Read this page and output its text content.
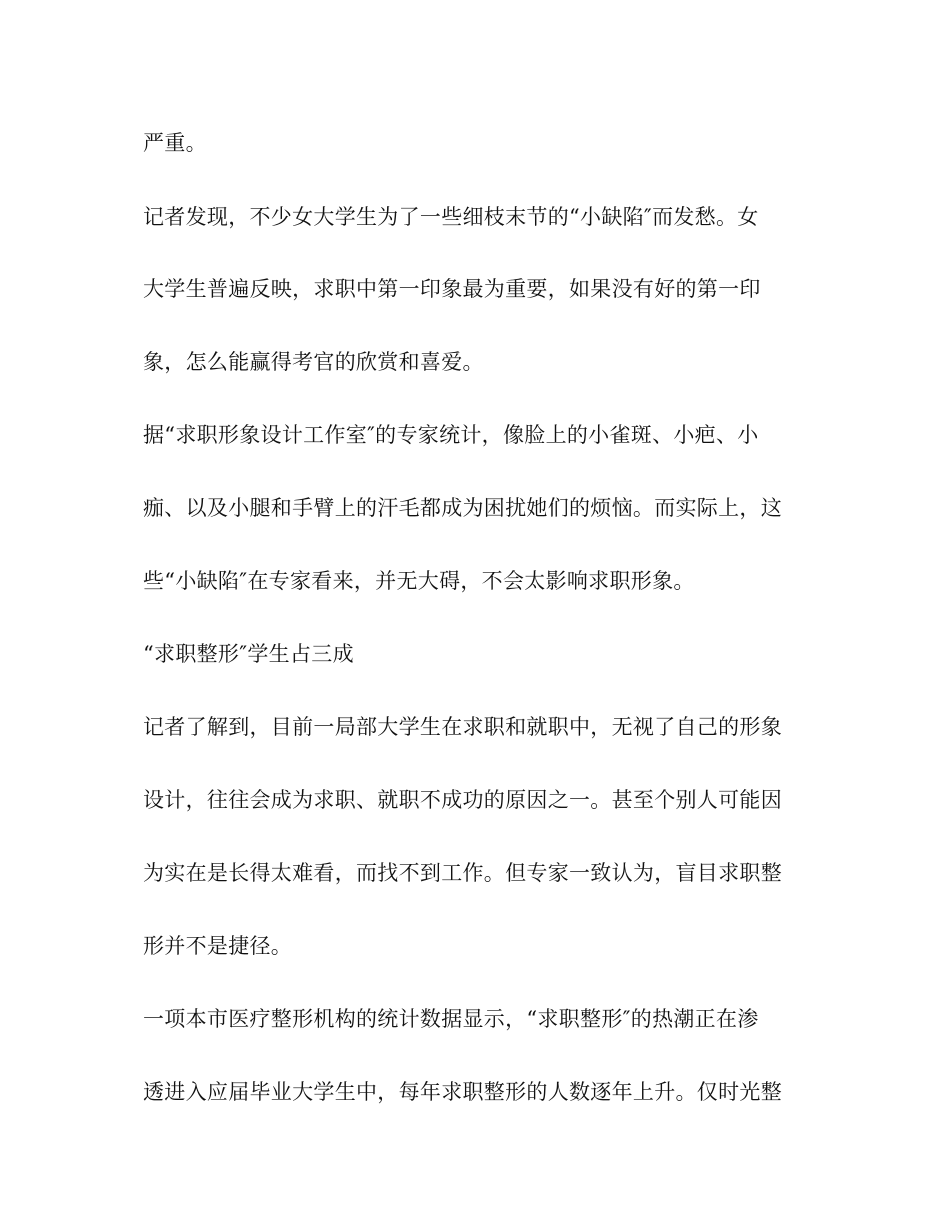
严重。

记者发现，不少女大学生为了一些细枝末节的“小缺陷″而发愁。女

大学生普遍反映，求职中第一印象最为重要，如果没有好的第一印

象，怎么能赢得考官的欣赏和喜爱。

据“求职形象设计工作室″的专家统计，像脸上的小雀斑、小疤、小

痂、以及小腿和手臂上的汗毛都成为困扰她们的烦恼。而实际上，这

些“小缺陷″在专家看来，并无大碍，不会太影响求职形象。

“求职整形″学生占三成

记者了解到，目前一局部大学生在求职和就职中，无视了自己的形象

设计，往往会成为求职、就职不成功的原因之一。甚至个别人可能因

为实在是长得太难看，而找不到工作。但专家一致认为，盲目求职整

形并不是捷径。

一项本市医疗整形机构的统计数据显示，“求职整形″的热潮正在渗

透进入应届毕业大学生中，每年求职整形的人数逐年上升。仅时光整
